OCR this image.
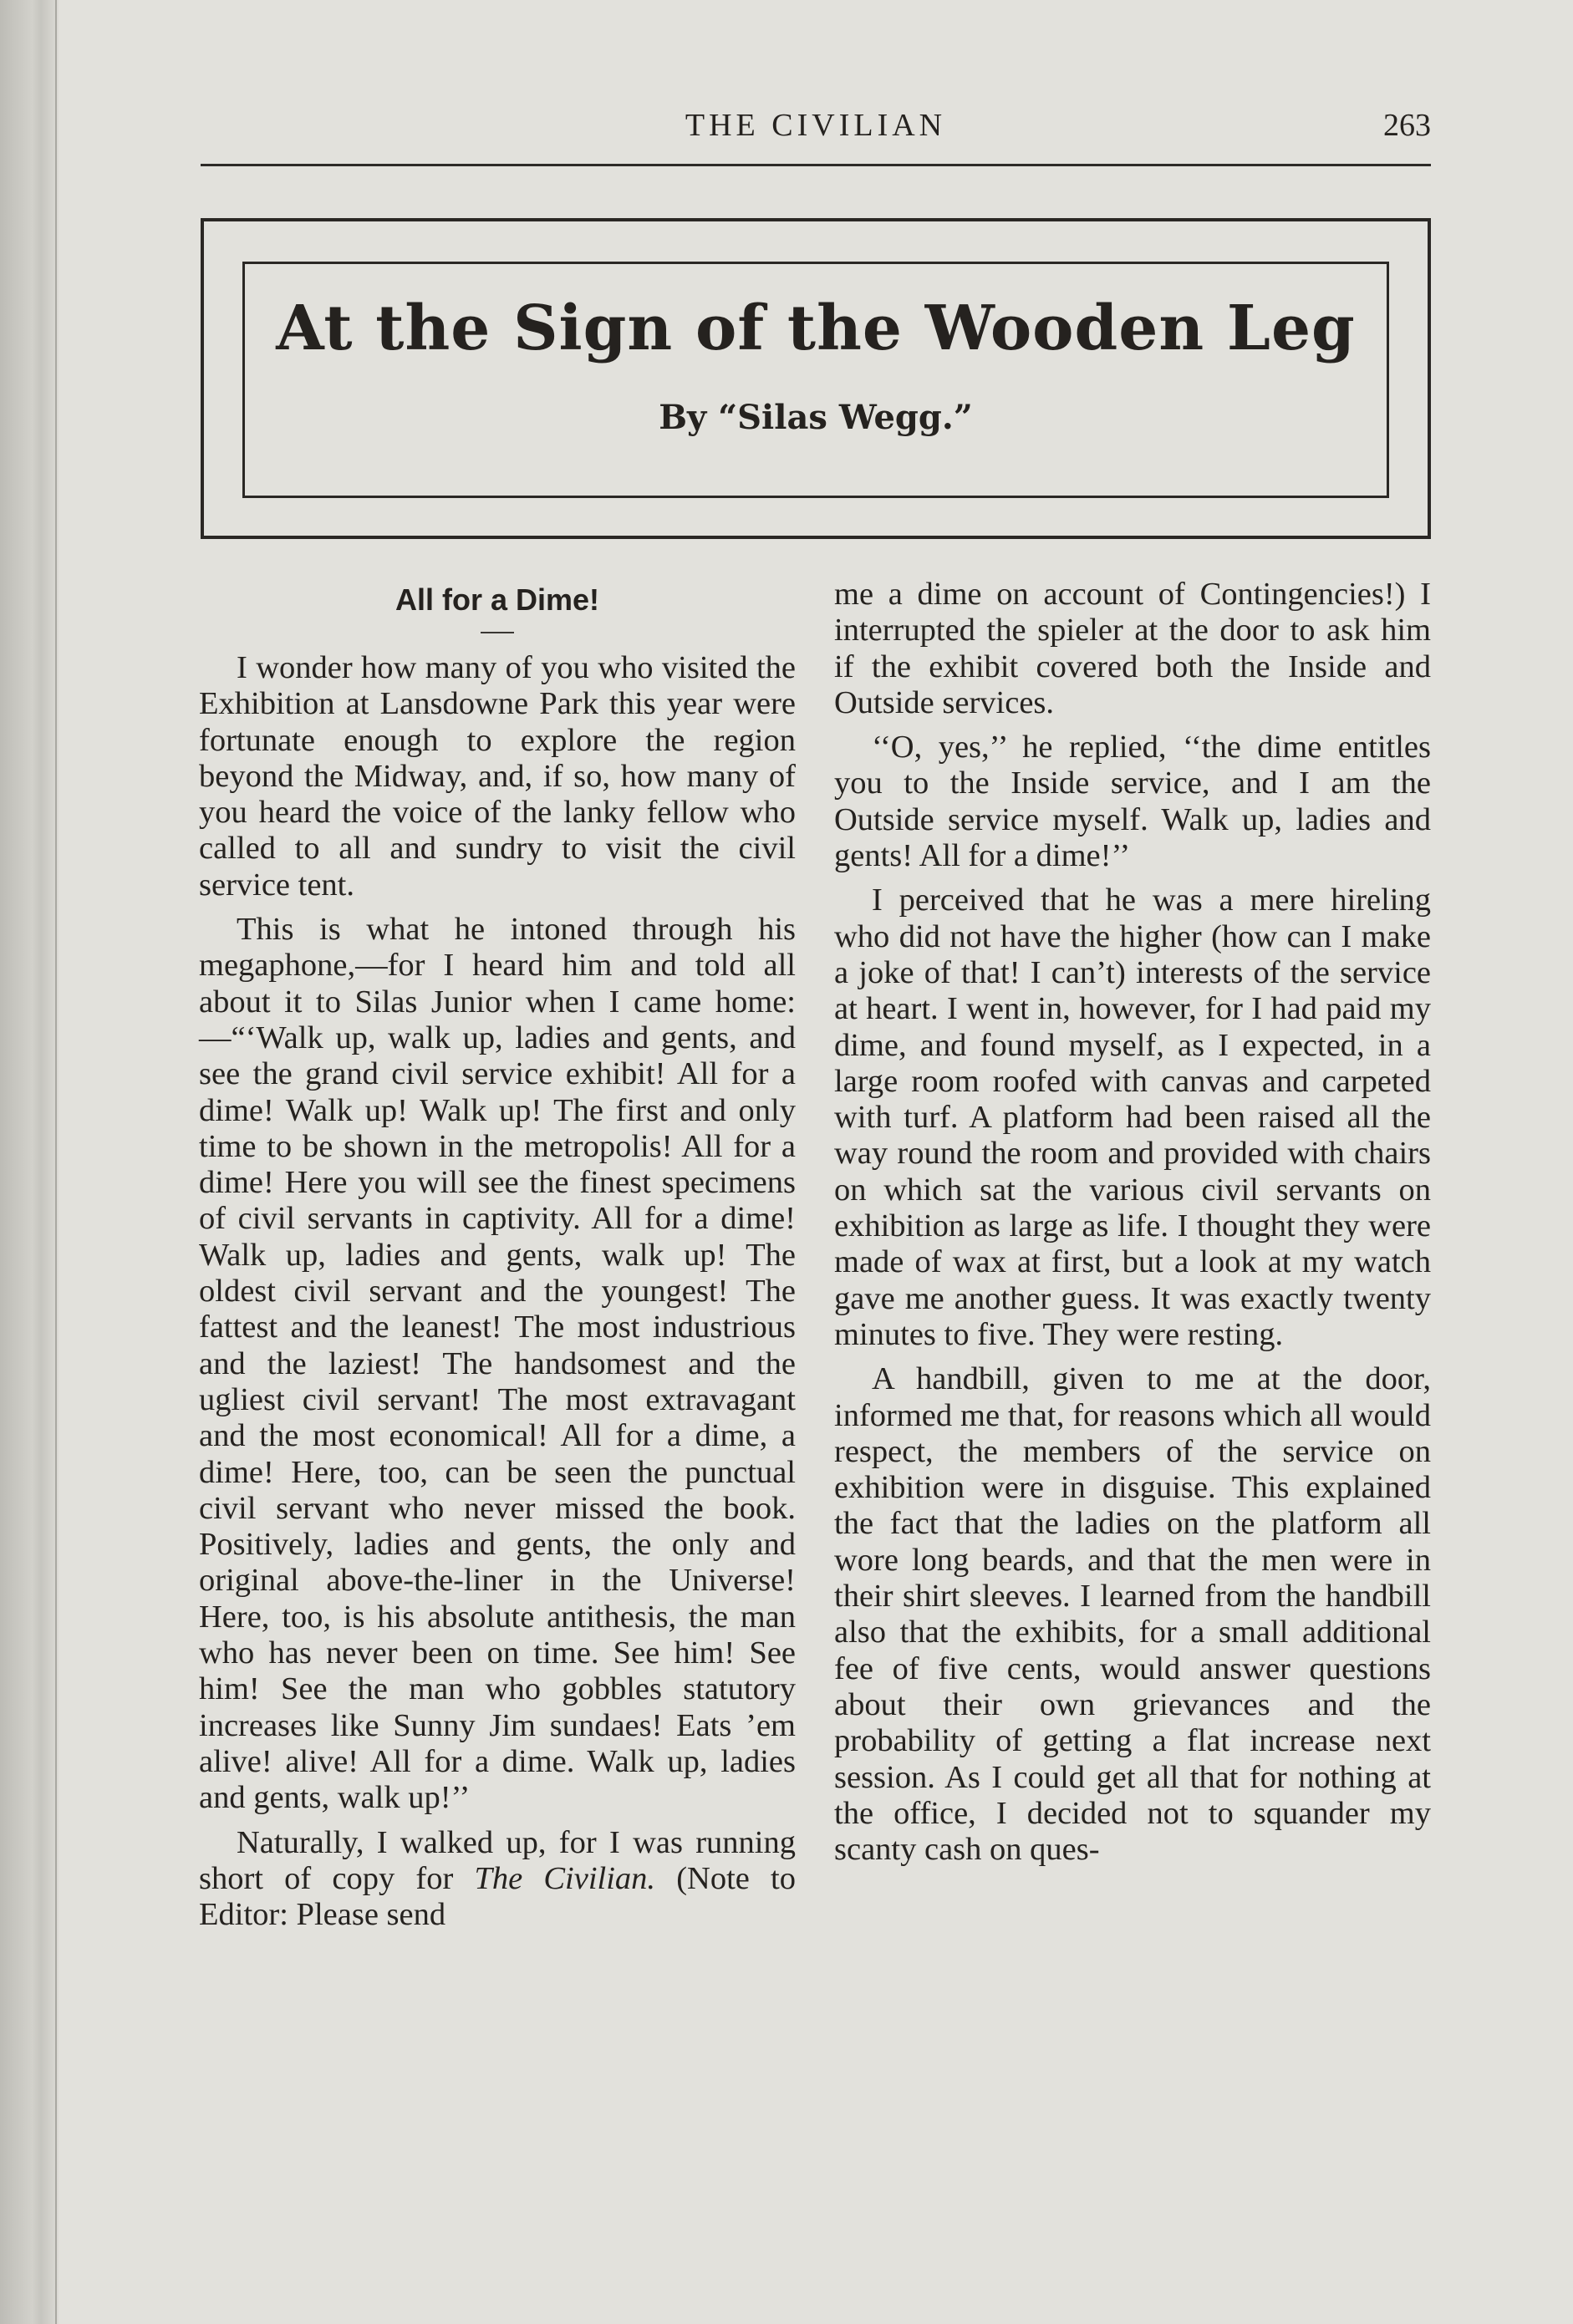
THE CIVILIAN	263
At the Sign of the Wooden Leg
By “Silas Wegg.”
All for a Dime!

I wonder how many of you who visited the Exhibition at Lansdowne Park this year were fortunate enough to explore the region beyond the Midway, and, if so, how many of you heard the voice of the lanky fellow who called to all and sundry to visit the civil service tent.

This is what he intoned through his megaphone,—for I heard him and told all about it to Silas Junior when I came home:—“‘Walk up, walk up, ladies and gents, and see the grand civil service exhibit! All for a dime! Walk up! Walk up! The first and only time to be shown in the metropolis! All for a dime! Here you will see the finest specimens of civil servants in captivity. All for a dime! Walk up, ladies and gents, walk up! The oldest civil servant and the youngest! The fattest and the leanest! The most industrious and the laziest! The handsomest and the ugliest civil servant! The most extravagant and the most economical! All for a dime, a dime! Here, too, can be seen the punctual civil servant who never missed the book. Positively, ladies and gents, the only and original above-the-liner in the Universe! Here, too, is his absolute antithesis, the man who has never been on time. See him! See him! See the man who gobbles statutory increases like Sunny Jim sundaes! Eats ’em alive! alive! All for a dime. Walk up, ladies and gents, walk up!’’

Naturally, I walked up, for I was running short of copy for The Civilian. (Note to Editor: Please send

me a dime on account of Contingencies!) I interrupted the spieler at the door to ask him if the exhibit covered both the Inside and Outside services.

‘‘O, yes,’’ he replied, ‘‘the dime entitles you to the Inside service, and I am the Outside service myself. Walk up, ladies and gents! All for a dime!’’

I perceived that he was a mere hireling who did not have the higher (how can I make a joke of that! I can’t) interests of the service at heart. I went in, however, for I had paid my dime, and found myself, as I expected, in a large room roofed with canvas and carpeted with turf. A platform had been raised all the way round the room and provided with chairs on which sat the various civil servants on exhibition as large as life. I thought they were made of wax at first, but a look at my watch gave me another guess. It was exactly twenty minutes to five. They were resting.

A handbill, given to me at the door, informed me that, for reasons which all would respect, the members of the service on exhibition were in disguise. This explained the fact that the ladies on the platform all wore long beards, and that the men were in their shirt sleeves. I learned from the handbill also that the exhibits, for a small additional fee of five cents, would answer questions about their own grievances and the probability of getting a flat increase next session. As I could get all that for nothing at the office, I decided not to squander my scanty cash on ques-
